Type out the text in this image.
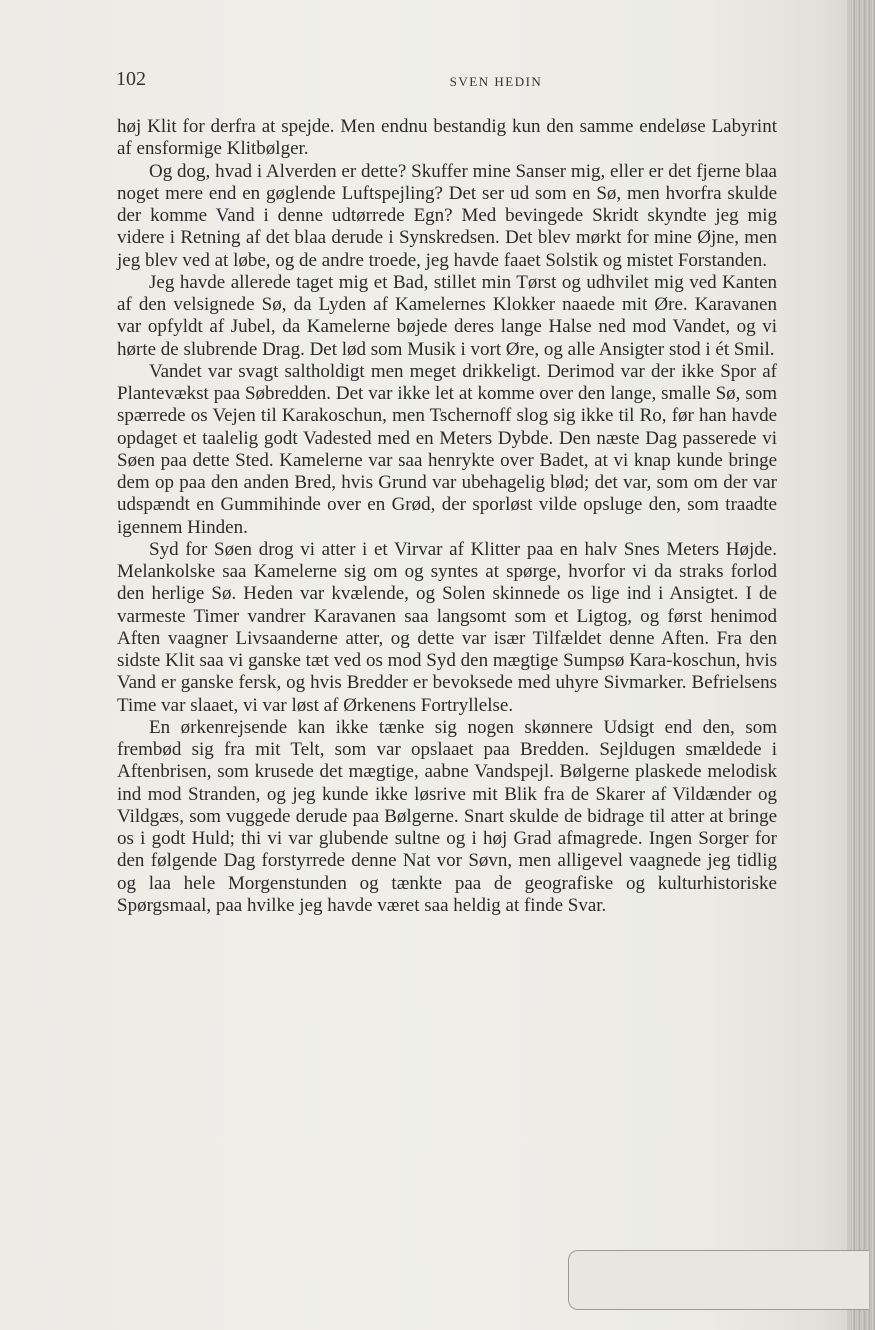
102	SVEN HEDIN

høj Klit for derfra at spejde. Men endnu bestandig kun den samme endeløse Labyrint af ensformige Klitbølger.

Og dog, hvad i Alverden er dette? Skuffer mine Sanser mig, eller er det fjerne blaa noget mere end en gøglende Luftspejling? Det ser ud som en Sø, men hvorfra skulde der komme Vand i denne udtørrede Egn? Med bevingede Skridt skyndte jeg mig videre i Retning af det blaa derude i Synskredsen. Det blev mørkt for mine Øjne, men jeg blev ved at løbe, og de andre troede, jeg havde faaet Solstik og mistet Forstanden.

Jeg havde allerede taget mig et Bad, stillet min Tørst og udhvilet mig ved Kanten af den velsignede Sø, da Lyden af Kamelernes Klokker naaede mit Øre. Karavanen var opfyldt af Jubel, da Kamelerne bøjede deres lange Halse ned mod Vandet, og vi hørte de slubrende Drag. Det lød som Musik i vort Øre, og alle Ansigter stod i ét Smil.

Vandet var svagt saltholdigt men meget drikkeligt. Derimod var der ikke Spor af Plantevækst paa Søbredden. Det var ikke let at komme over den lange, smalle Sø, som spærrede os Vejen til Karakoschun, men Tschernoff slog sig ikke til Ro, før han havde opdaget et taalelig godt Vadested med en Meters Dybde. Den næste Dag passerede vi Søen paa dette Sted. Kamelerne var saa henrykte over Badet, at vi knap kunde bringe dem op paa den anden Bred, hvis Grund var ubehagelig blød; det var, som om der var udspændt en Gummihinde over en Grød, der sporløst vilde opsluge den, som traadte igennem Hinden.

Syd for Søen drog vi atter i et Virvar af Klitter paa en halv Snes Meters Højde. Melankolske saa Kamelerne sig om og syntes at spørge, hvorfor vi da straks forlod den herlige Sø. Heden var kvælende, og Solen skinnede os lige ind i Ansigtet. I de varmeste Timer vandrer Karavanen saa langsomt som et Ligtog, og først henimod Aften vaagner Livsaanderne atter, og dette var især Tilfældet denne Aften. Fra den sidste Klit saa vi ganske tæt ved os mod Syd den mægtige Sumpsø Kara-koschun, hvis Vand er ganske fersk, og hvis Bredder er bevoksede med uhyre Sivmarker. Befrielsens Time var slaaet, vi var løst af Ørkenens Fortryllelse.

En ørkenrejsende kan ikke tænke sig nogen skønnere Udsigt end den, som frembød sig fra mit Telt, som var opslaaet paa Bredden. Sejldugen smældede i Aftenbrisen, som krusede det mægtige, aabne Vandspejl. Bølgerne plaskede melodisk ind mod Stranden, og jeg kunde ikke løsrive mit Blik fra de Skarer af Vildænder og Vildgæs, som vuggede derude paa Bølgerne. Snart skulde de bidrage til atter at bringe os i godt Huld; thi vi var glubende sultne og i høj Grad afmagrede. Ingen Sorger for den følgende Dag forstyrrede denne Nat vor Søvn, men alligevel vaagnede jeg tidlig og laa hele Morgenstunden og tænkte paa de geografiske og kulturhistoriske Spørgsmaal, paa hvilke jeg havde været saa heldig at finde Svar.
